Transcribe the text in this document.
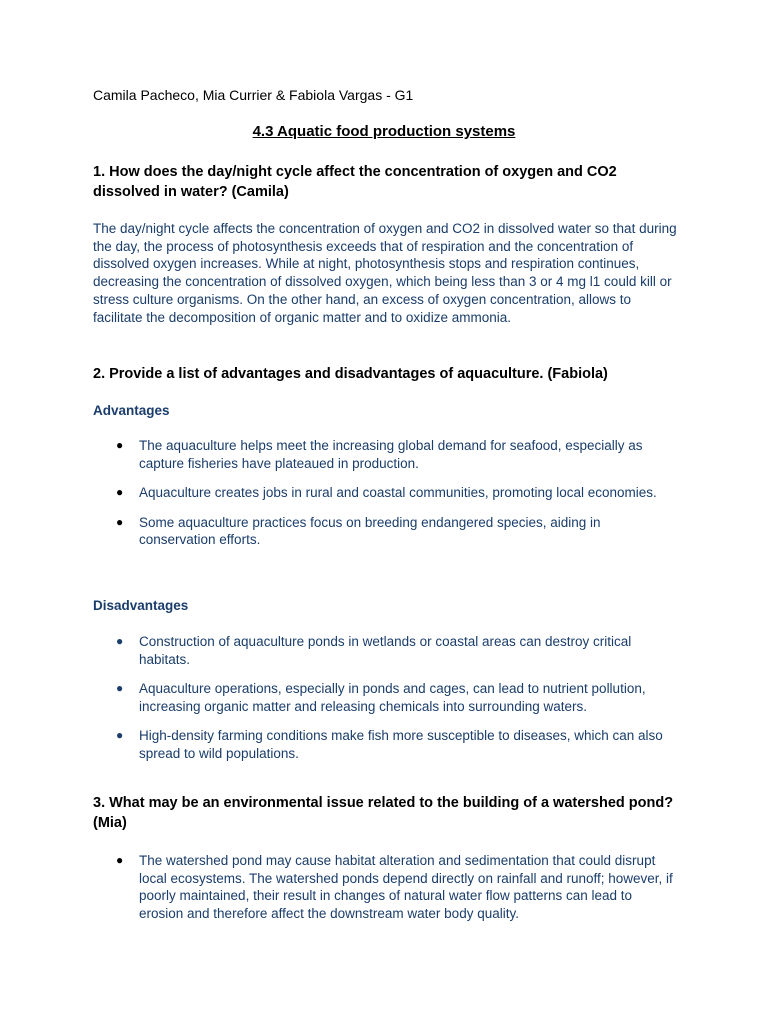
Camila Pacheco, Mia Currier & Fabiola Vargas - G1
4.3 Aquatic food production systems
1. How does the day/night cycle affect the concentration of oxygen and CO2 dissolved in water? (Camila)
The day/night cycle affects the concentration of oxygen and CO2 in dissolved water so that during the day, the process of photosynthesis exceeds that of respiration and the concentration of dissolved oxygen increases. While at night, photosynthesis stops and respiration continues, decreasing the concentration of dissolved oxygen, which being less than 3 or 4 mg l1 could kill or stress culture organisms. On the other hand, an excess of oxygen concentration, allows to facilitate the decomposition of organic matter and to oxidize ammonia.
2. Provide a list of advantages and disadvantages of aquaculture. (Fabiola)
Advantages
● The aquaculture helps meet the increasing global demand for seafood, especially as capture fisheries have plateaued in production.
● Aquaculture creates jobs in rural and coastal communities, promoting local economies.
● Some aquaculture practices focus on breeding endangered species, aiding in conservation efforts.
Disadvantages
● Construction of aquaculture ponds in wetlands or coastal areas can destroy critical habitats.
● Aquaculture operations, especially in ponds and cages, can lead to nutrient pollution, increasing organic matter and releasing chemicals into surrounding waters.
● High-density farming conditions make fish more susceptible to diseases, which can also spread to wild populations.
3. What may be an environmental issue related to the building of a watershed pond? (Mia)
● The watershed pond may cause habitat alteration and sedimentation that could disrupt local ecosystems. The watershed ponds depend directly on rainfall and runoff; however, if poorly maintained, their result in changes of natural water flow patterns can lead to erosion and therefore affect the downstream water body quality.
